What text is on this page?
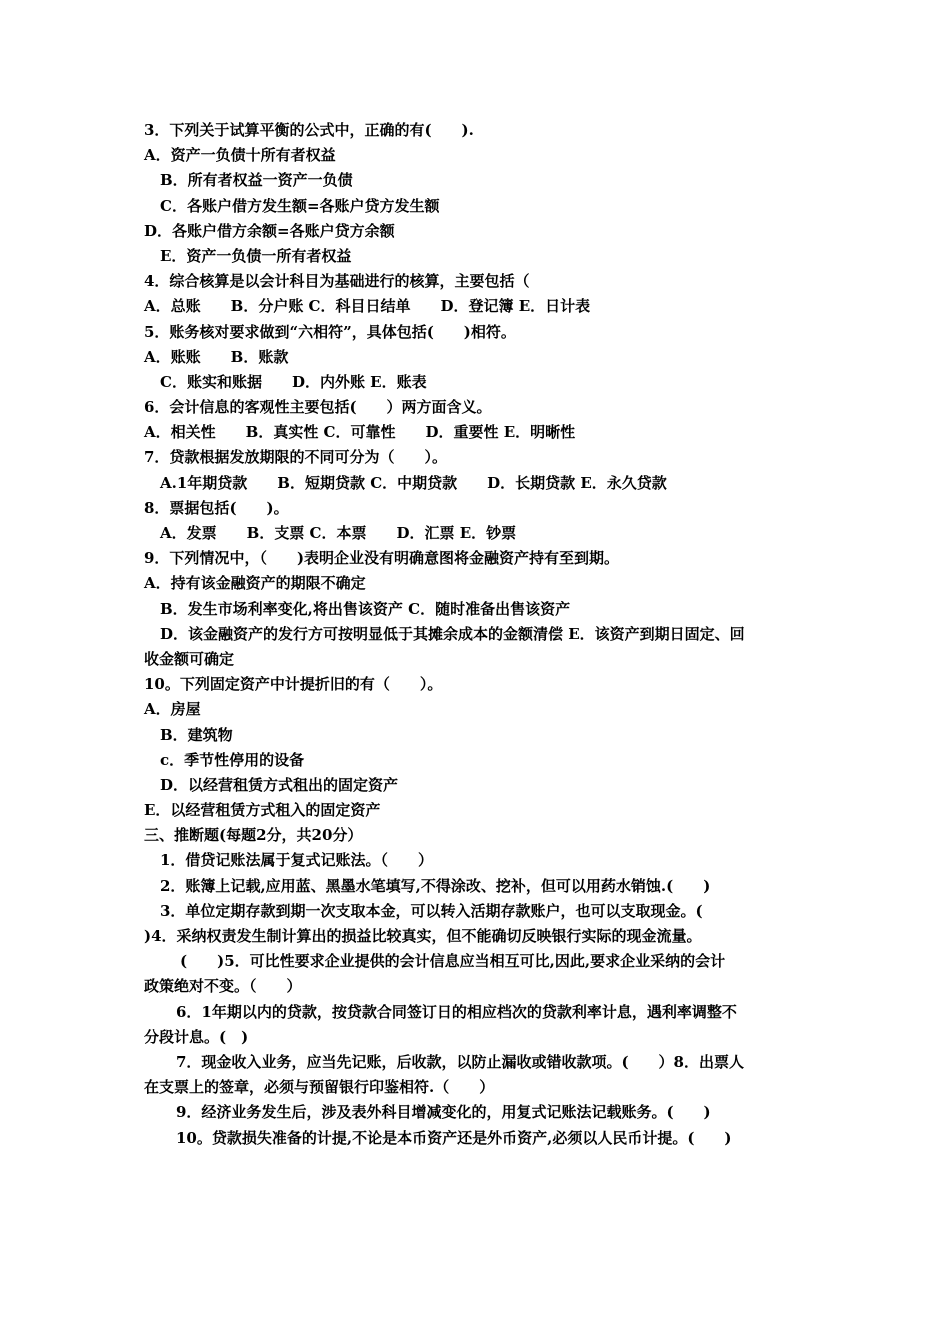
3．下列关于试算平衡的公式中，正确的有(　　).
A．资产一负债十所有者权益
B．所有者权益一资产一负债
C．各账户借方发生额=各账户贷方发生额
D．各账户借方余额=各账户贷方余额
E．资产一负债一所有者权益
4．综合核算是以会计科目为基础进行的核算，主要包括（
A．总账　　B．分户账 C．科目日结单　　D．登记簿 E．日计表
5．账务核对要求做到“六相符”，具体包括(　　)相符。
A．账账　　B．账款
C．账实和账据　　D．内外账 E．账表
6．会计信息的客观性主要包括(　　）两方面含义。
A．相关性　　B．真实性 C．可靠性　　D．重要性 E．明晰性
7．贷款根据发放期限的不同可分为（　　）。
A.1年期贷款　　B．短期贷款 C．中期贷款　　D．长期贷款 E．永久贷款
8．票据包括(　　)。
A．发票　　B．支票 C．本票　　D．汇票 E．钞票
9．下列情况中，（　　)表明企业没有明确意图将金融资产持有至到期。
A．持有该金融资产的期限不确定
B．发生市场利率变化,将出售该资产 C．随时准备出售该资产
D．该金融资产的发行方可按明显低于其摊余成本的金额清偿 E．该资产到期日固定、回
收金额可确定
10。下列固定资产中计提折旧的有（　　）。
A．房屋
B．建筑物
c．季节性停用的设备
D．以经营租赁方式租出的固定资产
E．以经营租赁方式租入的固定资产
三、推断题(每题2分，共20分）
1．借贷记账法属于复式记账法。（　　）
2．账簿上记载,应用蓝、黑墨水笔填写,不得涂改、挖补，但可以用药水销蚀.(　　)
3．单位定期存款到期一次支取本金，可以转入活期存款账户，也可以支取现金。(
)4．采纳权责发生制计算出的损益比较真实，但不能确切反映银行实际的现金流量。
(　　)5．可比性要求企业提供的会计信息应当相互可比,因此,要求企业采纳的会计
政策绝对不变。（　　）
6．1年期以内的贷款，按贷款合同签订日的相应档次的贷款利率计息，遇利率调整不
分段计息。(　)
7．现金收入业务，应当先记账，后收款，以防止漏收或错收款项。(　　）8．出票人
在支票上的签章，必须与预留银行印鉴相符.（　　）
9．经济业务发生后，涉及表外科目增减变化的，用复式记账法记载账务。(　　)
10。贷款损失准备的计提,不论是本币资产还是外币资产,必须以人民币计提。(　　)
